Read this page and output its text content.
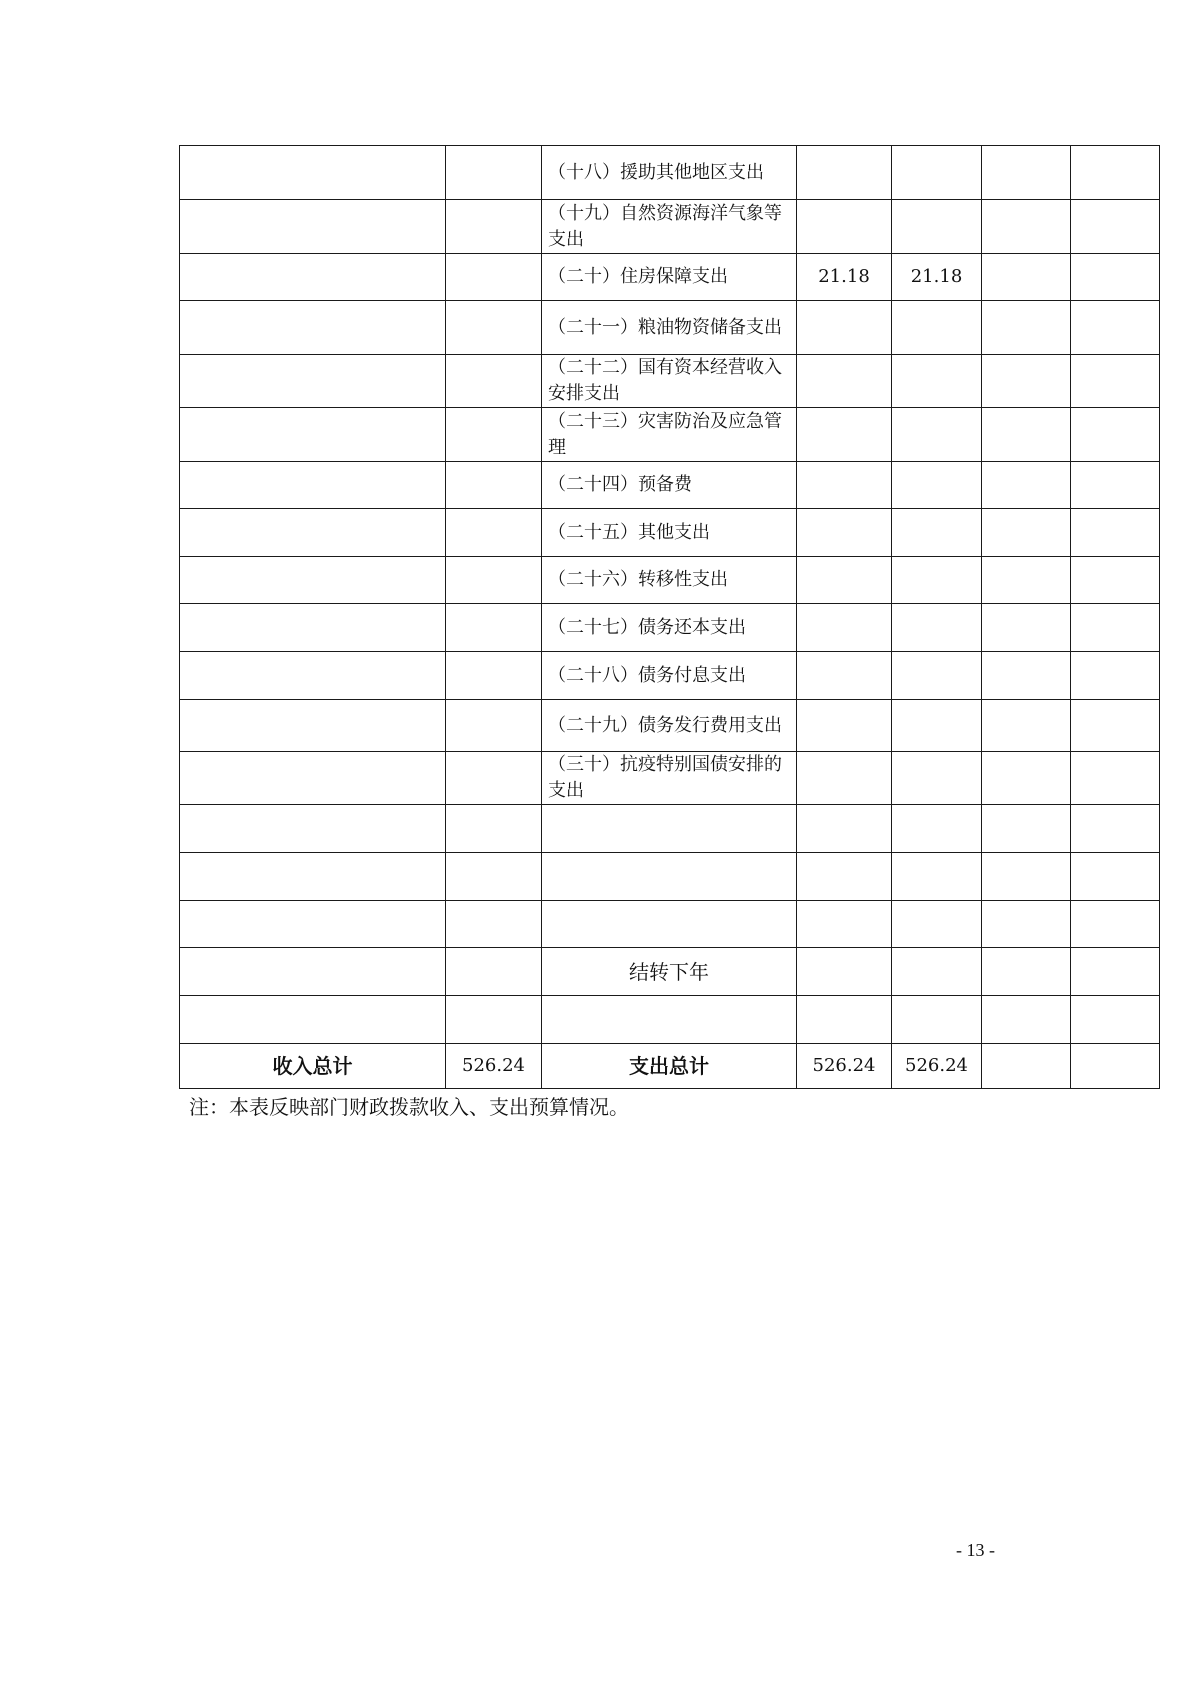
		（十八）援助其他地区支出				
		（十九）自然资源海洋气象等支出				
		（二十）住房保障支出	21.18	21.18		
		（二十一）粮油物资储备支出				
		（二十二）国有资本经营收入安排支出				
		（二十三）灾害防治及应急管理				
		（二十四）预备费				
		（二十五）其他支出				
		（二十六）转移性支出				
		（二十七）债务还本支出				
		（二十八）债务付息支出				
		（二十九）债务发行费用支出				
		（三十）抗疫特别国债安排的支出				

		结转下年				

收入总计	526.24	支出总计	526.24	526.24		
注：本表反映部门财政拨款收入、支出预算情况。
- 13 -
